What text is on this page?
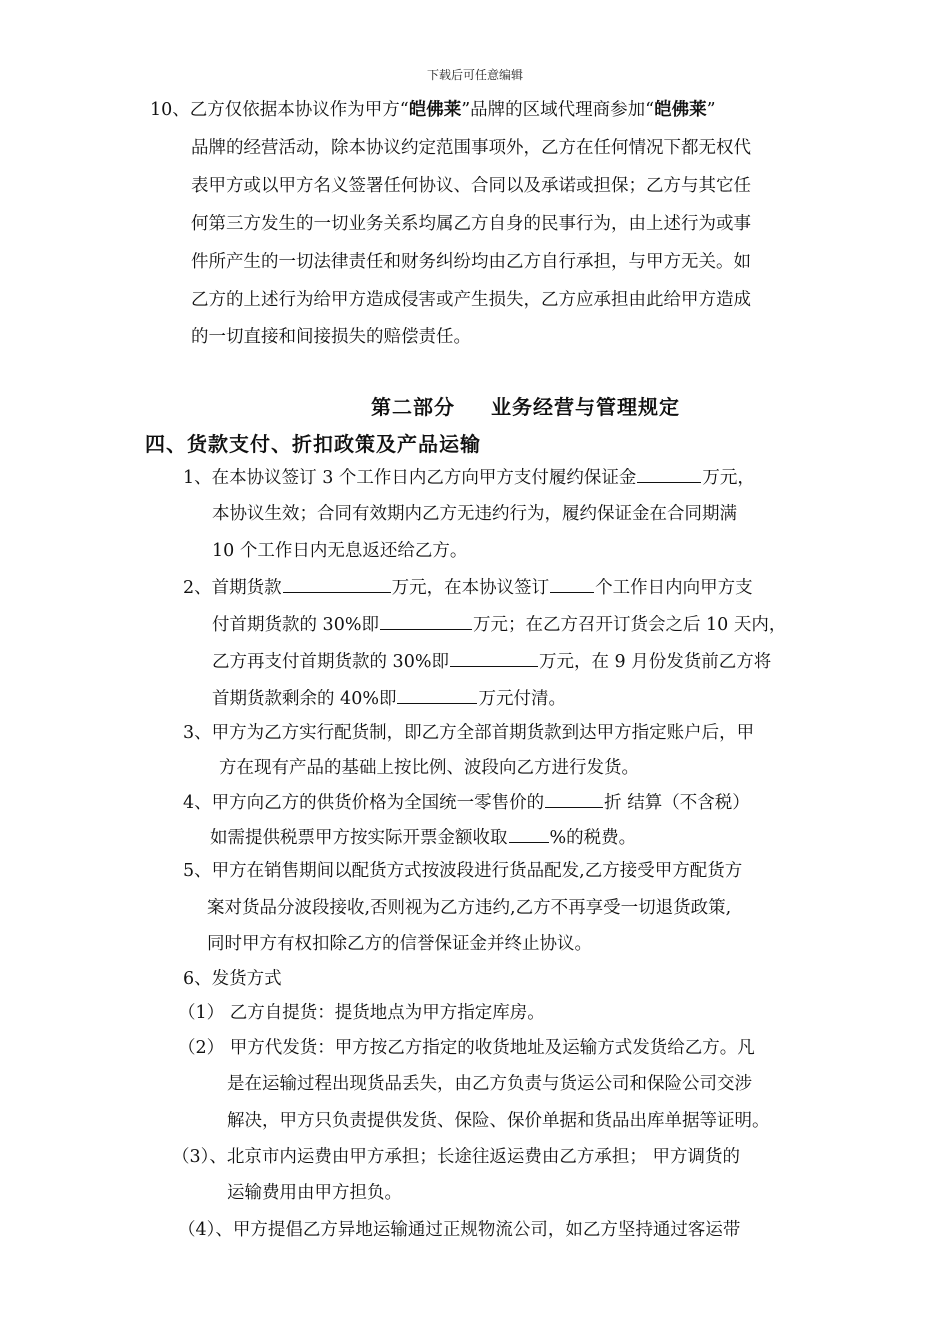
下载后可任意编辑
10、乙方仅依据本协议作为甲方“皑佛莱”品牌的区域代理商参加“皑佛莱”
品牌的经营活动，除本协议约定范围事项外，乙方在任何情况下都无权代
表甲方或以甲方名义签署任何协议、合同以及承诺或担保；乙方与其它任
何第三方发生的一切业务关系均属乙方自身的民事行为，由上述行为或事
件所产生的一切法律责任和财务纠纷均由乙方自行承担，与甲方无关。如
乙方的上述行为给甲方造成侵害或产生损失，乙方应承担由此给甲方造成
的一切直接和间接损失的赔偿责任。
第二部分 业务经营与管理规定
四、货款支付、折扣政策及产品运输
1、在本协议签订 3 个工作日内乙方向甲方支付履约保证金	万元，
本协议生效；合同有效期内乙方无违约行为，履约保证金在合同期满
10 个工作日内无息返还给乙方。
2、首期货款	万元，在本协议签订	个工作日内向甲方支
付首期货款的 30%即	万元；在乙方召开订货会之后 10 天内，
乙方再支付首期货款的 30%即	万元，在 9 月份发货前乙方将
首期货款剩余的 40%即	万元付清。
3、甲方为乙方实行配货制，即乙方全部首期货款到达甲方指定账户后，甲
方在现有产品的基础上按比例、波段向乙方进行发货。
4、甲方向乙方的供货价格为全国统一零售价的	折 结算（不含税）
如需提供税票甲方按实际开票金额收取 %的税费。
5、甲方在销售期间以配货方式按波段进行货品配发,乙方接受甲方配货方
案对货品分波段接收,否则视为乙方违约,乙方不再享受一切退货政策,
同时甲方有权扣除乙方的信誉保证金并终止协议。
6、发货方式
（1） 乙方自提货：提货地点为甲方指定库房。
（2） 甲方代发货：甲方按乙方指定的收货地址及运输方式发货给乙方。凡
是在运输过程出现货品丢失，由乙方负责与货运公司和保险公司交涉
解决，甲方只负责提供发货、保险、保价单据和货品出库单据等证明。
（3）、北京市内运费由甲方承担；长途往返运费由乙方承担； 甲方调货的
运输费用由甲方担负。
（4）、甲方提倡乙方异地运输通过正规物流公司，如乙方坚持通过客运带
